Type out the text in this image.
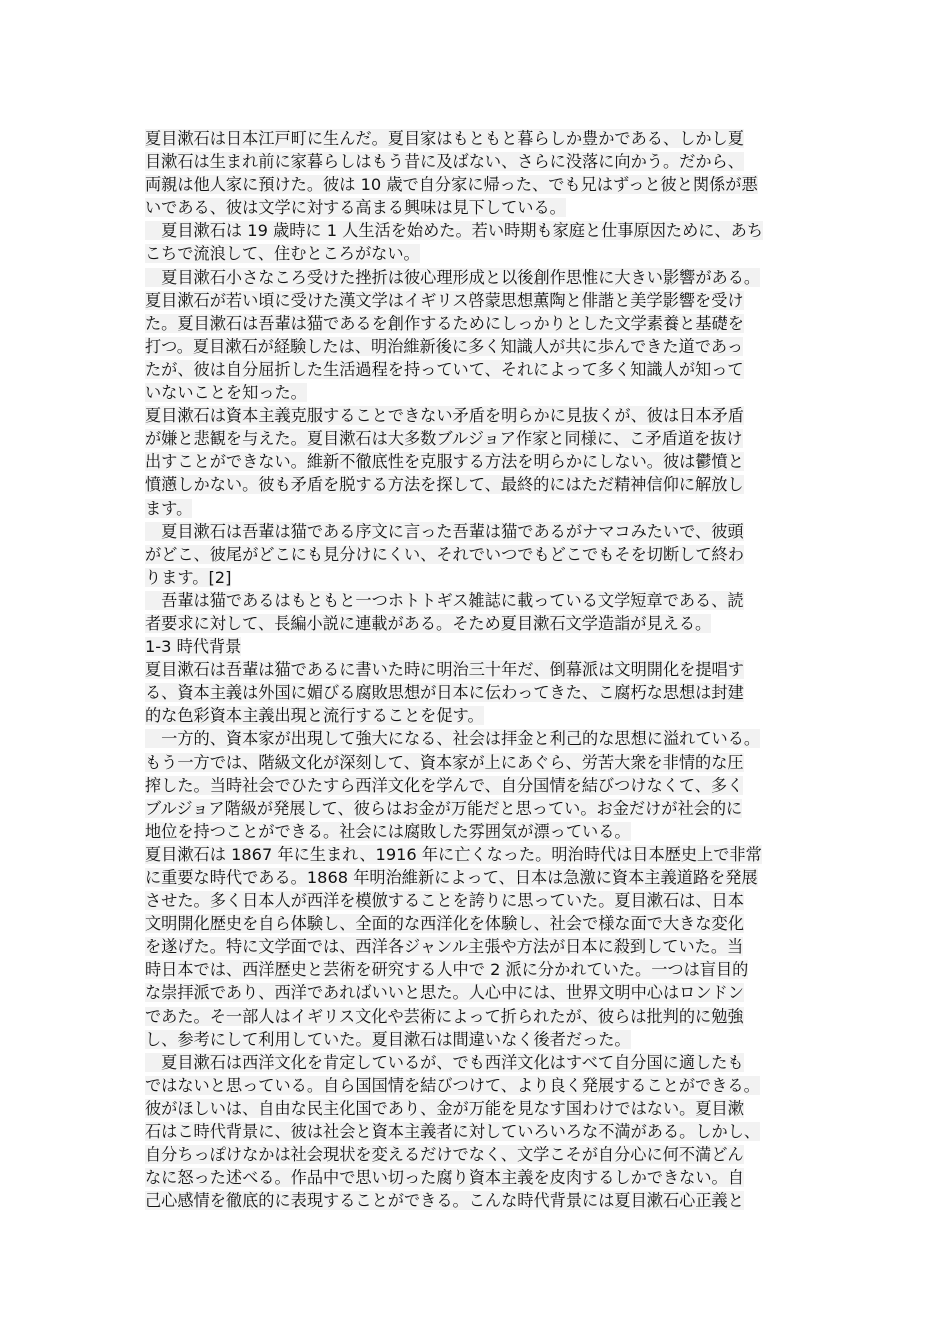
夏目漱石は日本江戸町に生んだ。夏目家はもともと暮らしか豊かである、しかし夏
目漱石は生まれ前に家暮らしはもう昔に及ばない、さらに没落に向かう。だから、
両親は他人家に預けた。彼は 10 歳で自分家に帰った、でも兄はずっと彼と関係が悪
いである、彼は文学に対する高まる興味は見下している。
　夏目漱石は 19 歳時に 1 人生活を始めた。若い時期も家庭と仕事原因ために、あち
こちで流浪して、住むところがない。
　夏目漱石小さなころ受けた挫折は彼心理形成と以後創作思惟に大きい影響がある。
夏目漱石が若い頃に受けた漢文学はイギリス啓蒙思想薫陶と俳諧と美学影響を受け
た。夏目漱石は吾輩は猫であるを創作するためにしっかりとした文学素養と基礎を
打つ。夏目漱石が経験したは、明治維新後に多く知識人が共に歩んできた道であっ
たが、彼は自分屈折した生活過程を持っていて、それによって多く知識人が知って
いないことを知った。
夏目漱石は資本主義克服することできない矛盾を明らかに見抜くが、彼は日本矛盾
が嫌と悲観を与えた。夏目漱石は大多数ブルジョア作家と同様に、こ矛盾道を抜け
出すことができない。維新不徹底性を克服する方法を明らかにしない。彼は鬱憤と
憤懣しかない。彼も矛盾を脱する方法を探して、最終的にはただ精神信仰に解放し
ます。
　夏目漱石は吾輩は猫である序文に言った吾輩は猫であるがナマコみたいで、彼頭
がどこ、彼尾がどこにも見分けにくい、それでいつでもどこでもそを切断して終わ
ります。[2]
　吾輩は猫であるはもともと一つホトトギス雑誌に載っている文学短章である、読
者要求に対して、長編小説に連載がある。そため夏目漱石文学造詣が見える。
1-3 時代背景
夏目漱石は吾輩は猫であるに書いた時に明治三十年だ、倒幕派は文明開化を提唱す
る、資本主義は外国に媚びる腐敗思想が日本に伝わってきた、こ腐朽な思想は封建
的な色彩資本主義出現と流行することを促す。
　一方的、資本家が出現して強大になる、社会は拝金と利己的な思想に溢れている。
もう一方では、階級文化が深刻して、資本家が上にあぐら、労苦大衆を非情的な圧
搾した。当時社会でひたすら西洋文化を学んで、自分国情を結びつけなくて、多く
ブルジョア階級が発展して、彼らはお金が万能だと思ってい。お金だけが社会的に
地位を持つことができる。社会には腐敗した雰囲気が漂っている。
夏目漱石は 1867 年に生まれ、1916 年に亡くなった。明治時代は日本歴史上で非常
に重要な時代である。1868 年明治維新によって、日本は急激に資本主義道路を発展
させた。多く日本人が西洋を模倣することを誇りに思っていた。夏目漱石は、日本
文明開化歴史を自ら体験し、全面的な西洋化を体験し、社会で様な面で大きな変化
を遂げた。特に文学面では、西洋各ジャンル主張や方法が日本に殺到していた。当
時日本では、西洋歴史と芸術を研究する人中で 2 派に分かれていた。一つは盲目的
な崇拝派であり、西洋であればいいと思た。人心中には、世界文明中心はロンドン
であた。そ一部人はイギリス文化や芸術によって折られたが、彼らは批判的に勉強
し、参考にして利用していた。夏目漱石は間違いなく後者だった。
　夏目漱石は西洋文化を肯定しているが、でも西洋文化はすべて自分国に適したも
ではないと思っている。自ら国国情を結びつけて、より良く発展することができる。
彼がほしいは、自由な民主化国であり、金が万能を見なす国わけではない。夏目漱
石はこ時代背景に、彼は社会と資本主義者に対していろいろな不満がある。しかし、
自分ちっぽけなかは社会現状を変えるだけでなく、文学こそが自分心に何不満どん
なに怒った述べる。作品中で思い切った腐り資本主義を皮肉するしかできない。自
己心感情を徹底的に表現することができる。こんな時代背景には夏目漱石心正義と
